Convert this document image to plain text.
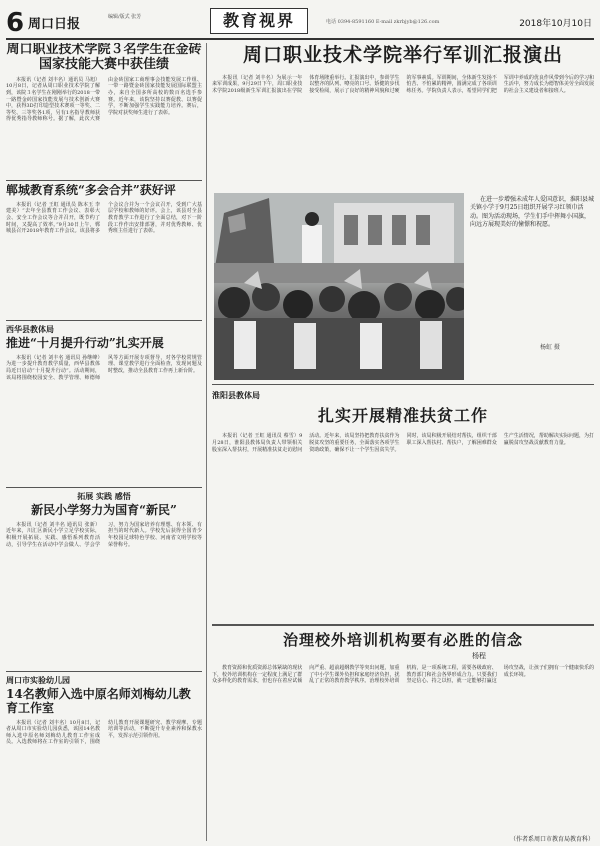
6 周口日报	编辑/版式 张芳	教育视界	电话 0394-8591160 E-mail zkrbjyb@126.com	2018年10月10日
周口职业技术学院３名学生在金砖国家技能大赛中获佳绩
本报讯（记者 刘丰名）通讯员 马旭）10月8日，记者从周口职业技术学院了解到，该院３名学生在刚刚举行的2018一带一路暨金砖国家技能发展与技术创新大赛中，获得3D打印造型技术赛项一等奖、二等奖、三等奖各1项，另有1名指导教师获得优秀指导教师称号。据了解，此次大赛由金砖国家工商理事会技能发展工作组、一带一路暨金砖国家技能发展国际联盟主办，来自全国多所高校的数百名选手参赛。近年来，该院坚持以赛促教、以赛促学，不断加强学生实践能力培养。赛后，学院对获奖师生进行了表彰。
郸城教育系统“多会合并”获好评
本报讯（记者 王虹 通讯员 陈本玉 李建美）“去年全县教育工作会议、表彰大会、安全工作会议等合并召开，既节约了时间，又提高了效率。”9月30日上午，郸城县召开2018年教育工作会议。该县将多个会议合并为一个会议召开，受到广大基层学校和教师的好评。会上，该县对全县教育教学工作进行了全面总结，对下一阶段工作作出安排部署，并对优秀教师、优秀班主任进行了表彰。
西华县教体局
推进“十月提升行动”扎实开展
本报讯（记者 刘丰名 通讯员 孙继峰）为进一步提升教育教学质量，西华县教体局近日启动“十月提升行动”。活动期间，该局将围绕校园安全、教学管理、师德师风等方面开展专项督导，对各学校常规管理、课堂教学进行全面检查，发现问题及时整改，推动全县教育工作再上新台阶。
拓展 实践 感悟
新民小学努力为国育“新民”
本报讯（记者 刘丰名 通讯员 张新）近年来，川汇区新民小学立足学校实际，积极开展拓展、实践、感悟系列教育活动，引导学生在活动中学会做人、学会学习，努力为国家培养有理想、有本领、有担当的时代新人。学校先后获得全国青少年校园足球特色学校、河南省文明学校等荣誉称号。
周口市实验幼儿园
14名教师入选中原名师刘梅幼儿教育工作室
本报讯（记者 刘丰名）10月8日，记者从周口市实验幼儿园获悉，该园14名教师入选中原名师刘梅幼儿教育工作室成员。入选教师将在工作室的引领下，围绕幼儿教育开展课题研究、教学观摩、专题培训等活动，不断提升专业素养和保教水平，发挥示范引领作用。
周口职业技术学院举行军训汇报演出
本报讯（记者 刘丰名）为展示一年来军训成果，9月29日下午，周口职业技术学院2018级新生军训汇报演出在学院体育场隆重举行。汇报演出中，参训学生以整齐的队列、嘹亮的口号、矫健的步伐接受检阅，展示了良好的精神风貌和过硬的军事素质。军训期间，全体新生发扬不怕苦、不怕累的精神，圆满完成了各项训练任务。学院负责人表示，希望同学们把军训中养成的优良作风带到今后的学习和生活中，努力成长为德智体美劳全面发展的社会主义建设者和接班人。
在进一步增强未成年人爱国意识，淮阳县城关镇小学于9月25日组织开展学习红领巾活动。图为活动现场，学生们手中挥舞小国旗，向远方展现美好的憧憬和祝愿。
杨虹 摄
淮阳县教体局
扎实开展精准扶贫工作
本报讯（记者 王虹 通讯员 蔡雪）9月28日，淮阳县教体局负责人带领相关股室深入帮扶村，开展精准扶贫走访慰问活动。近年来，该局坚持把教育扶贫作为脱贫攻坚的重要任务，全面落实各项学生资助政策，确保不让一个学生因贫失学。同时，该局积极开展结对帮扶，组织干部职工深入帮扶村、帮扶户，了解困难群众生产生活情况，帮助解决实际问题，为打赢脱贫攻坚战贡献教育力量。
治理校外培训机构要有必胜的信念
杨程
教育资源和优质资源总体紧缺的现状下，校外培训机构在一定程度上满足了群众多样化的教育需求，但也存在着应试倾向严重、超前超纲教学等突出问题，加重了中小学生课外负担和家庭经济负担，扰乱了正常的教育教学秩序。治理校外培训机构，是一项系统工程，需要各级政府、教育部门和社会各界形成合力。只要我们坚定信心、持之以恒，就一定能够打赢这场攻坚战，让孩子们拥有一个健康快乐的成长环境。
（作者系周口市教育局教育科）
